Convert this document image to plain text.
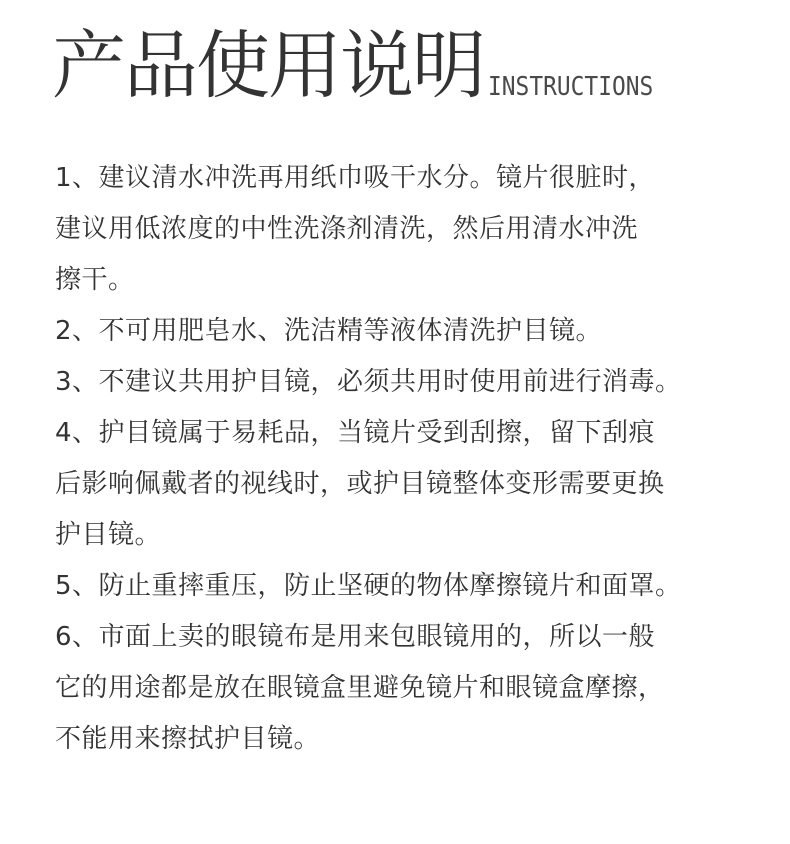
产品使用说明 INSTRUCTIONS
1、建议清水冲洗再用纸巾吸干水分。镜片很脏时，
建议用低浓度的中性洗涤剂清洗，然后用清水冲洗
擦干。
2、不可用肥皂水、洗洁精等液体清洗护目镜。
3、不建议共用护目镜，必须共用时使用前进行消毒。
4、护目镜属于易耗品，当镜片受到刮擦，留下刮痕
后影响佩戴者的视线时，或护目镜整体变形需要更换
护目镜。
5、防止重摔重压，防止坚硬的物体摩擦镜片和面罩。
6、市面上卖的眼镜布是用来包眼镜用的，所以一般
它的用途都是放在眼镜盒里避免镜片和眼镜盒摩擦，
不能用来擦拭护目镜。
